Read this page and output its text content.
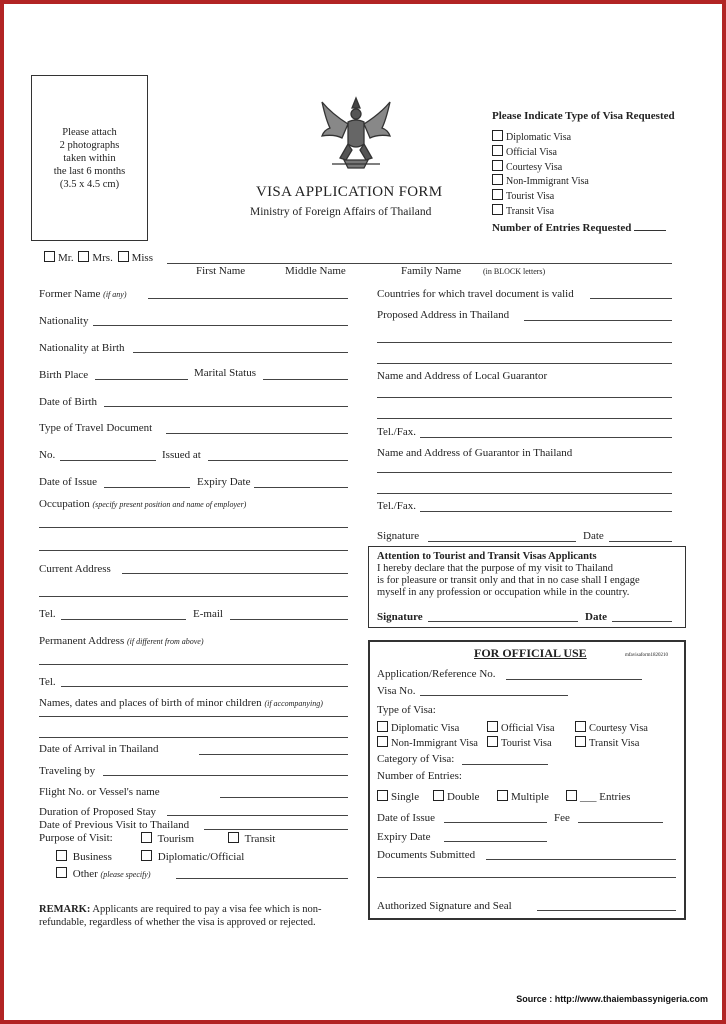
Please attach
2 photographs
taken within
the last 6 months
(3.5 x 4.5 cm)	VISA APPLICATION FORM
Ministry of Foreign Affairs of Thailand
Please Indicate Type of Visa Requested
Diplomatic Visa
Official Visa
Courtesy Visa
Non-Immigrant Visa
Tourist Visa
Transit Visa
Number of Entries Requested
Mr. Mrs. Miss
First Name	Middle Name	Family Name	(in BLOCK letters)
Former Name (if any)
Nationality
Nationality at Birth
Birth Place	Marital Status
Date of Birth
Type of Travel Document
No.	Issued at
Date of Issue	Expiry Date
Occupation (specify present position and name of employer)
Current Address
Tel.	E-mail
Permanent Address (if different from above)
Tel.
Names, dates and places of birth of minor children (if accompanying)
Date of Arrival in Thailand
Traveling by
Flight No. or Vessel's name
Duration of Proposed Stay
Date of Previous Visit to Thailand
Purpose of Visit:	Tourism	Transit
Business	Diplomatic/Official
Other (please specify)
REMARK: Applicants are required to pay a visa fee which is non-
refundable, regardless of whether the visa is approved or rejected.
Countries for which travel document is valid
Proposed Address in Thailand
Name and Address of Local Guarantor
Tel./Fax.
Name and Address of Guarantor in Thailand
Tel./Fax.
Signature	Date
Attention to Tourist and Transit Visas Applicants
I hereby declare that the purpose of my visit to Thailand
is for pleasure or transit only and that in no case shall I engage
myself in any profession or occupation while in the country.
Signature	Date
FOR OFFICIAL USE	mfavisaform1820210
Application/Reference No.
Visa No.
Type of Visa:
Diplomatic Visa	Official Visa	Courtesy Visa
Non-Immigrant Visa	Tourist Visa	Transit Visa
Category of Visa:
Number of Entries:
Single	Double	Multiple	___ Entries
Date of Issue	Fee
Expiry Date
Documents Submitted
Authorized Signature and Seal
Source : http://www.thaiembassynigeria.com
